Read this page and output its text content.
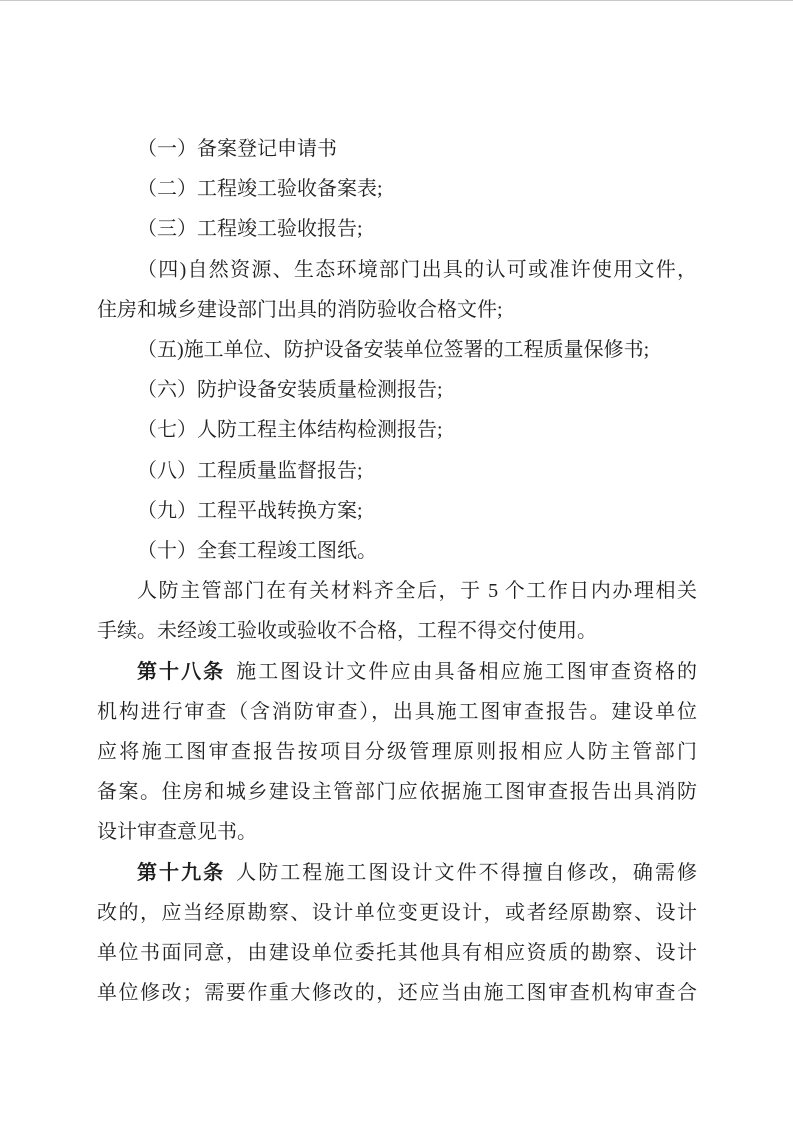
（一）备案登记申请书
（二）工程竣工验收备案表;
（三）工程竣工验收报告;
（四)自然资源、生态环境部门出具的认可或准许使用文件，
住房和城乡建设部门出具的消防验收合格文件;
（五)施工单位、防护设备安装单位签署的工程质量保修书;
（六）防护设备安装质量检测报告;
（七）人防工程主体结构检测报告;
（八）工程质量监督报告;
（九）工程平战转换方案;
（十）全套工程竣工图纸。
人防主管部门在有关材料齐全后，于 5 个工作日内办理相关
手续。未经竣工验收或验收不合格，工程不得交付使用。
第十八条 施工图设计文件应由具备相应施工图审查资格的
机构进行审查（含消防审查），出具施工图审查报告。建设单位
应将施工图审查报告按项目分级管理原则报相应人防主管部门
备案。住房和城乡建设主管部门应依据施工图审查报告出具消防
设计审查意见书。
第十九条 人防工程施工图设计文件不得擅自修改，确需修
改的，应当经原勘察、设计单位变更设计，或者经原勘察、设计
单位书面同意，由建设单位委托其他具有相应资质的勘察、设计
单位修改；需要作重大修改的，还应当由施工图审查机构审查合
